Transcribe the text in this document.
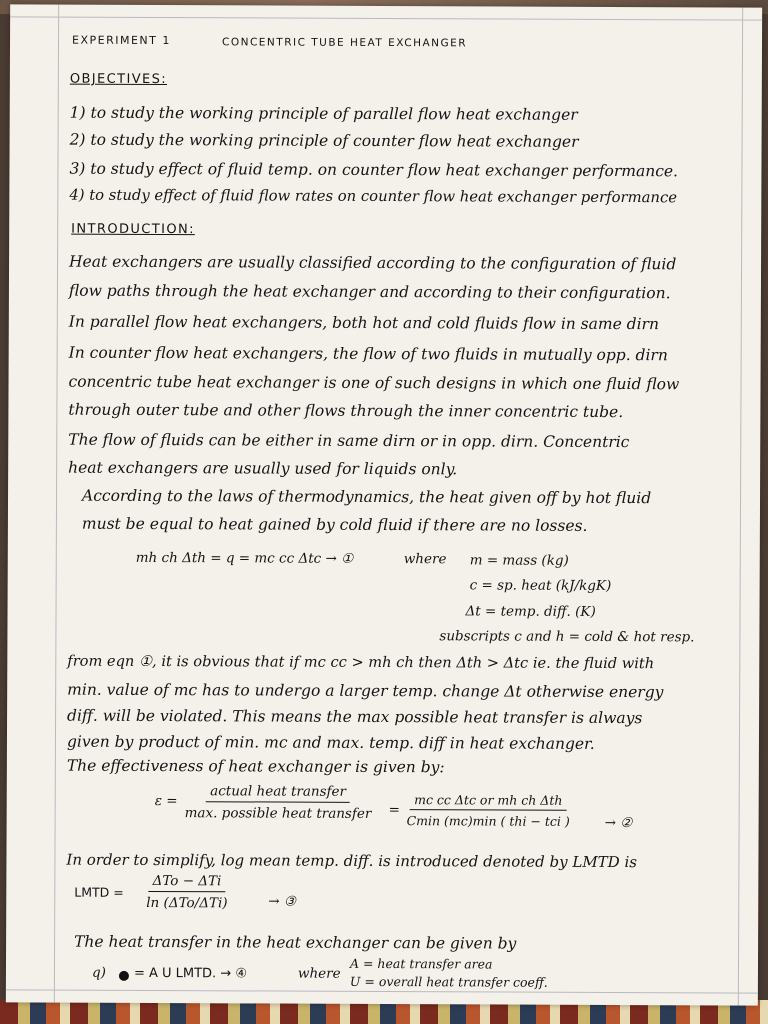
EXPERIMENT 1	CONCENTRIC TUBE HEAT EXCHANGER
OBJECTIVES:
1) to study the working principle of parallel flow heat exchanger
2) to study the working principle of counter flow heat exchanger
3) to study effect of fluid temp. on counter flow heat exchanger performance.
4) to study effect of fluid flow rates on counter flow heat exchanger performance
INTRODUCTION:
Heat exchangers are usually classified according to the configuration of fluid
flow paths through the heat exchanger and according to their configuration.
In parallel flow heat exchangers, both hot and cold fluids flow in same dirn
In counter flow heat exchangers, the flow of two fluids in mutually opp. dirn
concentric tube heat exchanger is one of such designs in which one fluid flow
through outer tube and other flows through the inner concentric tube.
The flow of fluids can be either in same dirn or in opp. dirn. Concentric
heat exchangers are usually used for liquids only.
According to the laws of thermodynamics, the heat given off by hot fluid
must be equal to heat gained by cold fluid if there are no losses.
mh ch Δth = q = mc cc Δtc → ①	where m = mass (kg)
c = sp. heat (kJ/kgK)
Δt = temp. diff. (K)
subscripts c and h = cold & hot resp.
from eqn ①, it is obvious that if mc cc > mh ch then Δth > Δtc ie. the fluid with
min. value of mc has to undergo a larger temp. change Δt otherwise energy
diff. will be violated. This means the max possible heat transfer is always
given by product of min. mc and max. temp. diff in heat exchanger.
The effectiveness of heat exchanger is given by:
ε =
actual heat transfer
max. possible heat transfer =
mc cc Δtc or mh ch Δth
Cmin (mc)min ( thi − tci )	→ ②
In order to simplify, log mean temp. diff. is introduced denoted by LMTD is
LMTD =
ΔTo − ΔTi
ln (ΔTo/ΔTi)	→ ③
The heat transfer in the heat exchanger can be given by
q) = A U LMTD. → ④	where
A = heat transfer area
U = overall heat transfer coeff.
